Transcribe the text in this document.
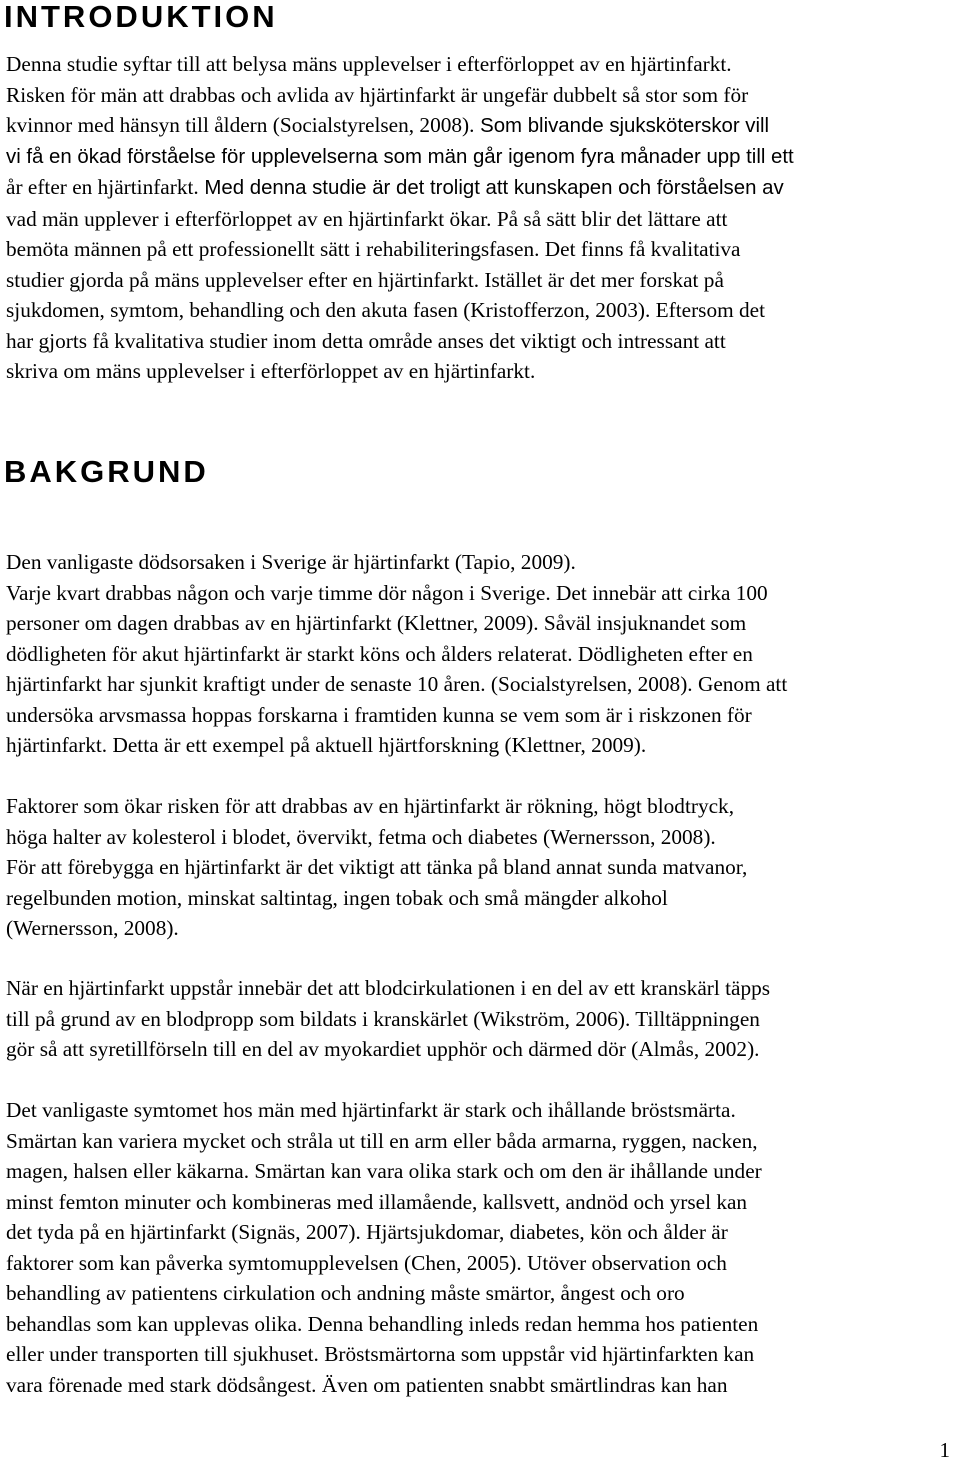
INTRODUKTION
Denna studie syftar till att belysa mäns upplevelser i efterförloppet av en hjärtinfarkt.
Risken för män att drabbas och avlida av hjärtinfarkt är ungefär dubbelt så stor som för
kvinnor med hänsyn till åldern (Socialstyrelsen, 2008). Som blivande sjuksköterskor vill
vi få en ökad förståelse för upplevelserna som män går igenom fyra månader upp till ett
år efter en hjärtinfarkt. Med denna studie är det troligt att kunskapen och förståelsen av
vad män upplever i efterförloppet av en hjärtinfarkt ökar. På så sätt blir det lättare att
bemöta männen på ett professionellt sätt i rehabiliteringsfasen. Det finns få kvalitativa
studier gjorda på mäns upplevelser efter en hjärtinfarkt. Istället är det mer forskat på
sjukdomen, symtom, behandling och den akuta fasen (Kristofferzon, 2003). Eftersom det
har gjorts få kvalitativa studier inom detta område anses det viktigt och intressant att
skriva om mäns upplevelser i efterförloppet av en hjärtinfarkt.
BAKGRUND
Den vanligaste dödsorsaken i Sverige är hjärtinfarkt (Tapio, 2009).
Varje kvart drabbas någon och varje timme dör någon i Sverige. Det innebär att cirka 100
personer om dagen drabbas av en hjärtinfarkt (Klettner, 2009). Såväl insjuknandet som
dödligheten för akut hjärtinfarkt är starkt köns och ålders relaterat. Dödligheten efter en
hjärtinfarkt har sjunkit kraftigt under de senaste 10 åren. (Socialstyrelsen, 2008). Genom att
undersöka arvsmassa hoppas forskarna i framtiden kunna se vem som är i riskzonen för
hjärtinfarkt. Detta är ett exempel på aktuell hjärtforskning (Klettner, 2009).
Faktorer som ökar risken för att drabbas av en hjärtinfarkt är rökning, högt blodtryck,
höga halter av kolesterol i blodet, övervikt, fetma och diabetes (Wernersson, 2008).
För att förebygga en hjärtinfarkt är det viktigt att tänka på bland annat sunda matvanor,
regelbunden motion, minskat saltintag, ingen tobak och små mängder alkohol
(Wernersson, 2008).
När en hjärtinfarkt uppstår innebär det att blodcirkulationen i en del av ett kranskärl täpps
till på grund av en blodpropp som bildats i kranskärlet (Wikström, 2006). Tilltäppningen
gör så att syretillförseln till en del av myokardiet upphör och därmed dör (Almås, 2002).
Det vanligaste symtomet hos män med hjärtinfarkt är stark och ihållande bröstsmärta.
Smärtan kan variera mycket och stråla ut till en arm eller båda armarna, ryggen, nacken,
magen, halsen eller käkarna. Smärtan kan vara olika stark och om den är ihållande under
minst femton minuter och kombineras med illamående, kallsvett, andnöd och yrsel kan
det tyda på en hjärtinfarkt (Signäs, 2007). Hjärtsjukdomar, diabetes, kön och ålder är
faktorer som kan påverka symtomupplevelsen (Chen, 2005). Utöver observation och
behandling av patientens cirkulation och andning måste smärtor, ångest och oro
behandlas som kan upplevas olika. Denna behandling inleds redan hemma hos patienten
eller under transporten till sjukhuset. Bröstsmärtorna som uppstår vid hjärtinfarkten kan
vara förenade med stark dödsångest. Även om patienten snabbt smärtlindras kan han
1
